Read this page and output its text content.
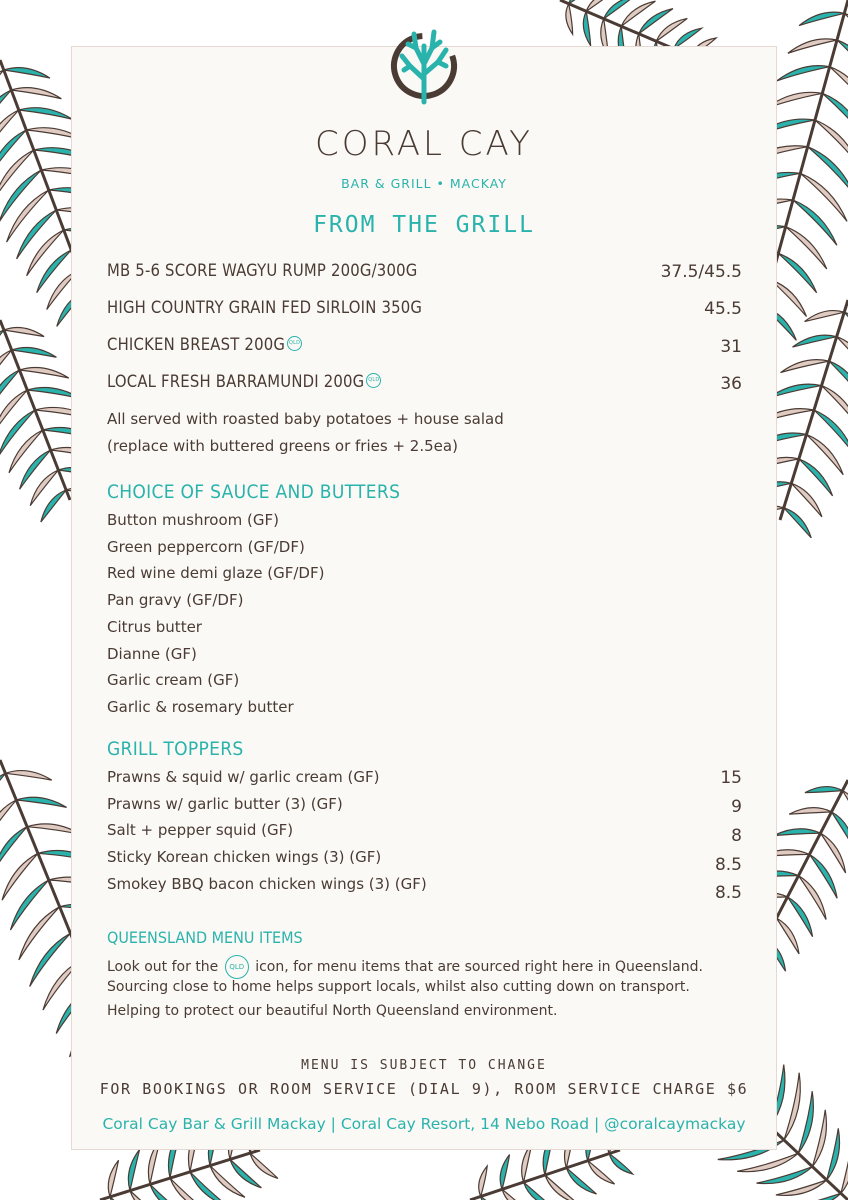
CORAL CAY
BAR & GRILL • MACKAY
FROM THE GRILL
MB 5-6 SCORE WAGYU RUMP 200G/300G	37.5/45.5
HIGH COUNTRY GRAIN FED SIRLOIN 350G	45.5
CHICKEN BREAST 200G QLD	31
LOCAL FRESH BARRAMUNDI 200G QLD	36
All served with roasted baby potatoes + house salad
(replace with buttered greens or fries + 2.5ea)
CHOICE OF SAUCE AND BUTTERS
Button mushroom (GF)
Green peppercorn (GF/DF)
Red wine demi glaze (GF/DF)
Pan gravy (GF/DF)
Citrus butter
Dianne (GF)
Garlic cream (GF)
Garlic & rosemary butter
GRILL TOPPERS
Prawns & squid w/ garlic cream (GF)	15
Prawns w/ garlic butter (3) (GF)	9
Salt + pepper squid (GF)	8
Sticky Korean chicken wings (3) (GF)	8.5
Smokey BBQ bacon chicken wings (3) (GF)	8.5
QUEENSLAND MENU ITEMS
Look out for the QLD icon, for menu items that are sourced right here in Queensland.
Sourcing close to home helps support locals, whilst also cutting down on transport.
Helping to protect our beautiful North Queensland environment.
MENU IS SUBJECT TO CHANGE
FOR BOOKINGS OR ROOM SERVICE (DIAL 9), ROOM SERVICE CHARGE $6
Coral Cay Bar & Grill Mackay | Coral Cay Resort, 14 Nebo Road | @coralcaymackay
